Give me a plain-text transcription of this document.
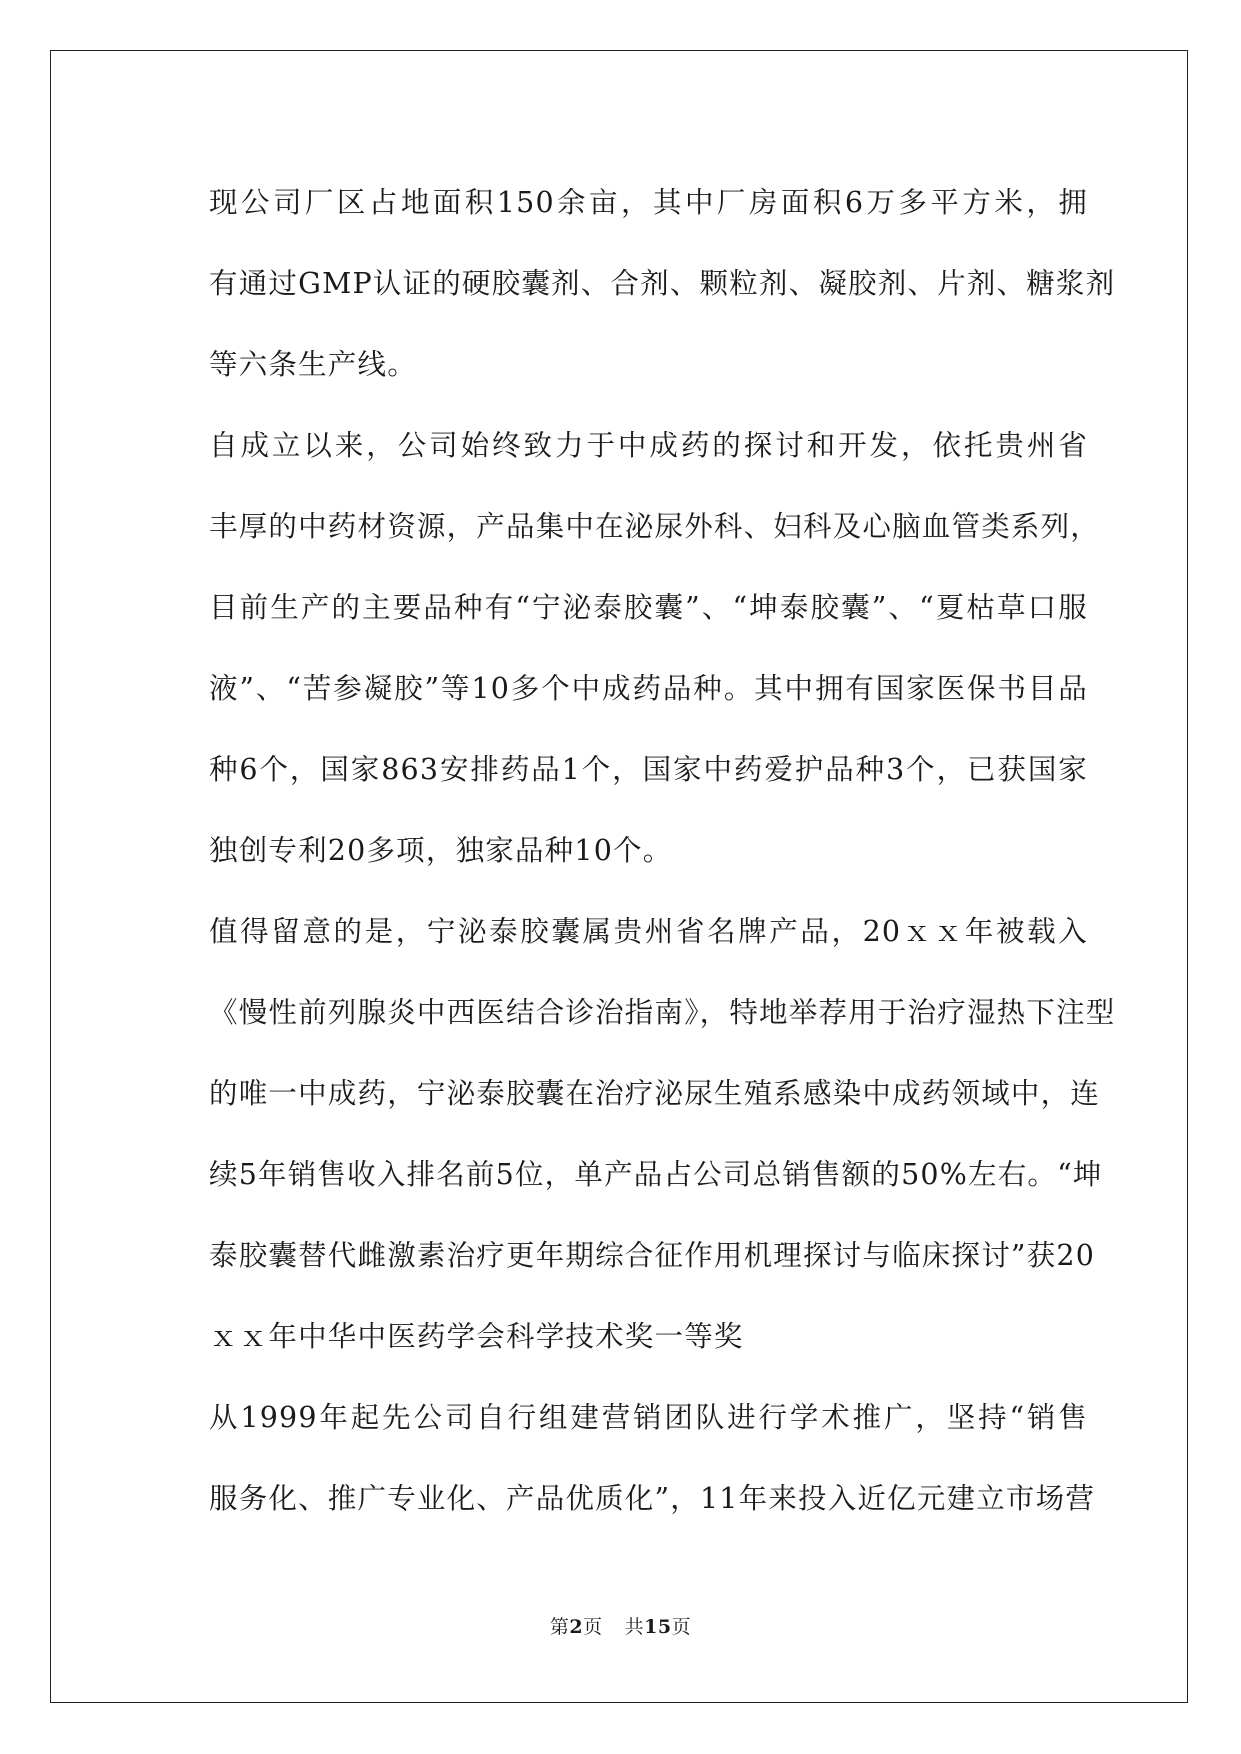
现公司厂区占地面积150余亩，其中厂房面积6万多平方米，拥
有通过GMP认证的硬胶囊剂、合剂、颗粒剂、凝胶剂、片剂、糖浆剂
等六条生产线。

自成立以来，公司始终致力于中成药的探讨和开发，依托贵州省
丰厚的中药材资源，产品集中在泌尿外科、妇科及心脑血管类系列，
目前生产的主要品种有“宁泌泰胶囊”、“坤泰胶囊”、“夏枯草口服
液”、“苦参凝胶”等10多个中成药品种。其中拥有国家医保书目品
种6个，国家863安排药品1个，国家中药爱护品种3个，已获国家
独创专利20多项，独家品种10个。

值得留意的是，宁泌泰胶囊属贵州省名牌产品，20ｘｘ年被载入
《慢性前列腺炎中西医结合诊治指南》，特地举荐用于治疗湿热下注型
的唯一中成药，宁泌泰胶囊在治疗泌尿生殖系感染中成药领域中，连
续5年销售收入排名前5位，单产品占公司总销售额的50%左右。“坤
泰胶囊替代雌激素治疗更年期综合征作用机理探讨与临床探讨”获20
ｘｘ年中华中医药学会科学技术奖一等奖

从1999年起先公司自行组建营销团队进行学术推广，坚持“销售
服务化、推广专业化、产品优质化”，11年来投入近亿元建立市场营

第2页 共15页
